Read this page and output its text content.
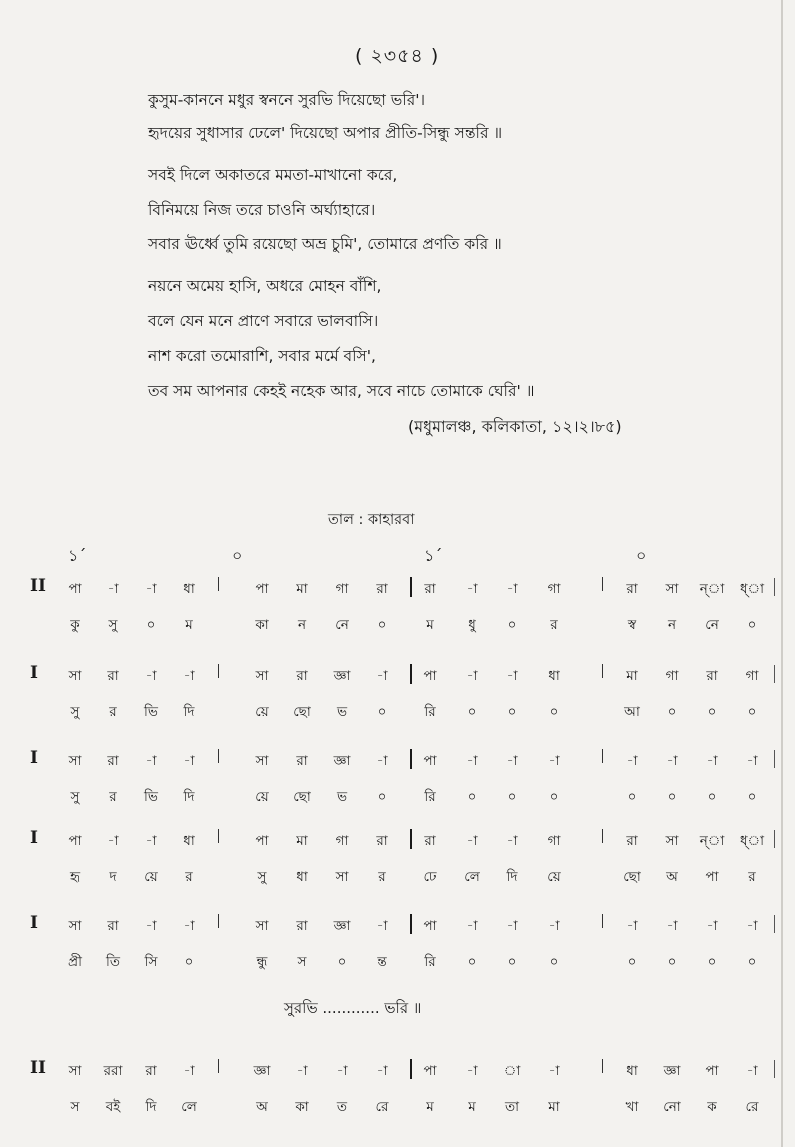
( ২৩৫৪ )
কুসুম-কাননে মধুর স্বননে সুরভি দিয়েছো ভরি'।
হৃদয়ের সুধাসার ঢেলে' দিয়েছো অপার প্রীতি-সিন্ধু সন্তরি ॥
সবই দিলে অকাতরে মমতা-মাখানো করে,
বিনিময়ে নিজ তরে চাওনি অর্ঘ্যাহারে।
সবার ঊর্ধ্বে তুমি রয়েছো অভ্র চুমি', তোমারে প্রণতি করি ॥
নয়নে অমেয় হাসি, অধরে মোহন বাঁশি,
বলে যেন মনে প্রাণে সবারে ভালবাসি।
নাশ করো তমোরাশি, সবার মর্মে বসি',
তব সম আপনার কেহই নহেক আর, সবে নাচে তোমাকে ঘেরি' ॥
(মধুমালঞ্চ, কলিকাতা, ১২।২।৮৫)
তাল : কাহারবা
১´	০	১´	০
II	পা	-া	-া	ধা	পা	মা	গা	রা	রা	-া	-া	গা	রা	সা	ন্‌া	ধ্‌া
কু	সু	০	ম	কা	ন	নে	০	ম	ধু	০	র	স্ব	ন	নে	০
I	সা	রা	-া	-া	সা	রা	জ্ঞা	-া	পা	-া	-া	ধা	মা	গা	রা	গা
সু	র	ভি	দি	য়ে	ছো	ভ	০	রি	০	০	০	আ	০	০	০
I	সা	রা	-া	-া	সা	রা	জ্ঞা	-া	পা	-া	-া	-া	-া	-া	-া	-া
সু	র	ভি	দি	য়ে	ছো	ভ	০	রি	০	০	০	০	০	০	০
I	পা	-া	-া	ধা	পা	মা	গা	রা	রা	-া	-া	গা	রা	সা	ন্‌া	ধ্‌া
হৃ	দ	য়ে	র	সু	ধা	সা	র	ঢে	লে	দি	য়ে	ছো	অ	পা	র
I	সা	রা	-া	-া	সা	রা	জ্ঞা	-া	পা	-া	-া	-া	-া	-া	-া	-া
প্রী	তি	সি	০	ন্ধু	স	০	ন্ত	রি	০	০	০	০	০	০	০
সুরভি ............ ভরি ॥
II	সা	ররা	রা	-া	জ্ঞা	-া	-া	-া	পা	-া	া	-া	ধা	জ্ঞা	পা	-া
স	বই	দি	লে	অ	কা	ত	রে	ম	ম	তা	মা	খা	নো	ক	রে
